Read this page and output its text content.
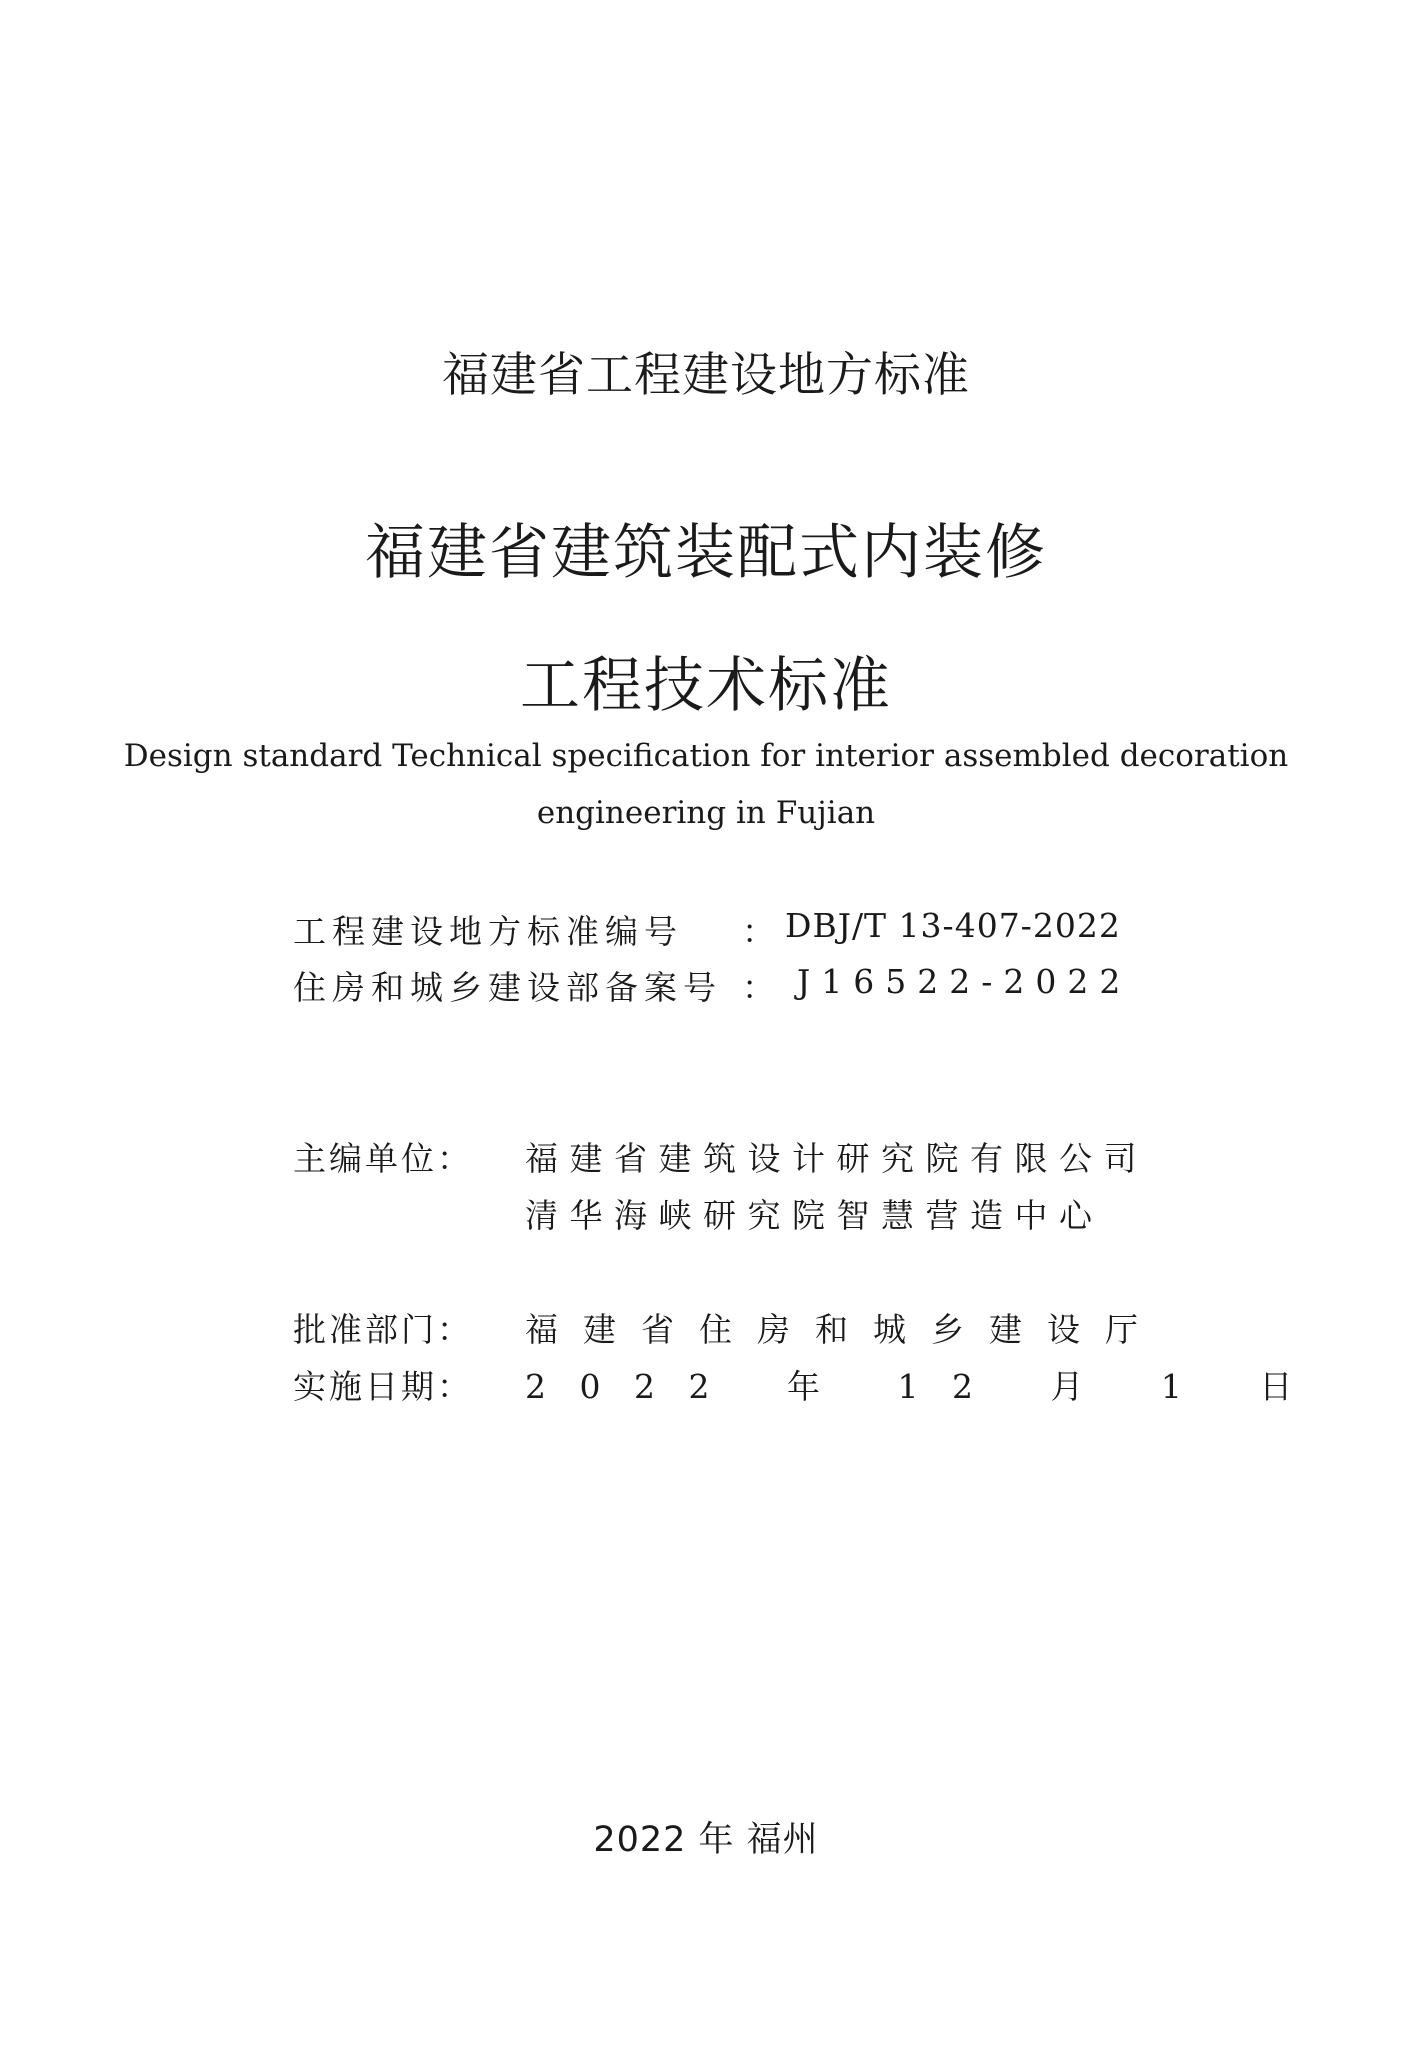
福建省工程建设地方标准
福建省建筑装配式内装修
工程技术标准
Design standard Technical specification for interior assembled decoration
engineering in Fujian
工程建设地方标准编号 ： DBJ/T 13-407-2022
住房和城乡建设部备案号 ： J16522-2022
主编单位： 福建省建筑设计研究院有限公司
清华海峡研究院智慧营造中心
批准部门： 福建省住房和城乡建设厅
实施日期： 2022 年 12 月 1 日
2022 年 福州
